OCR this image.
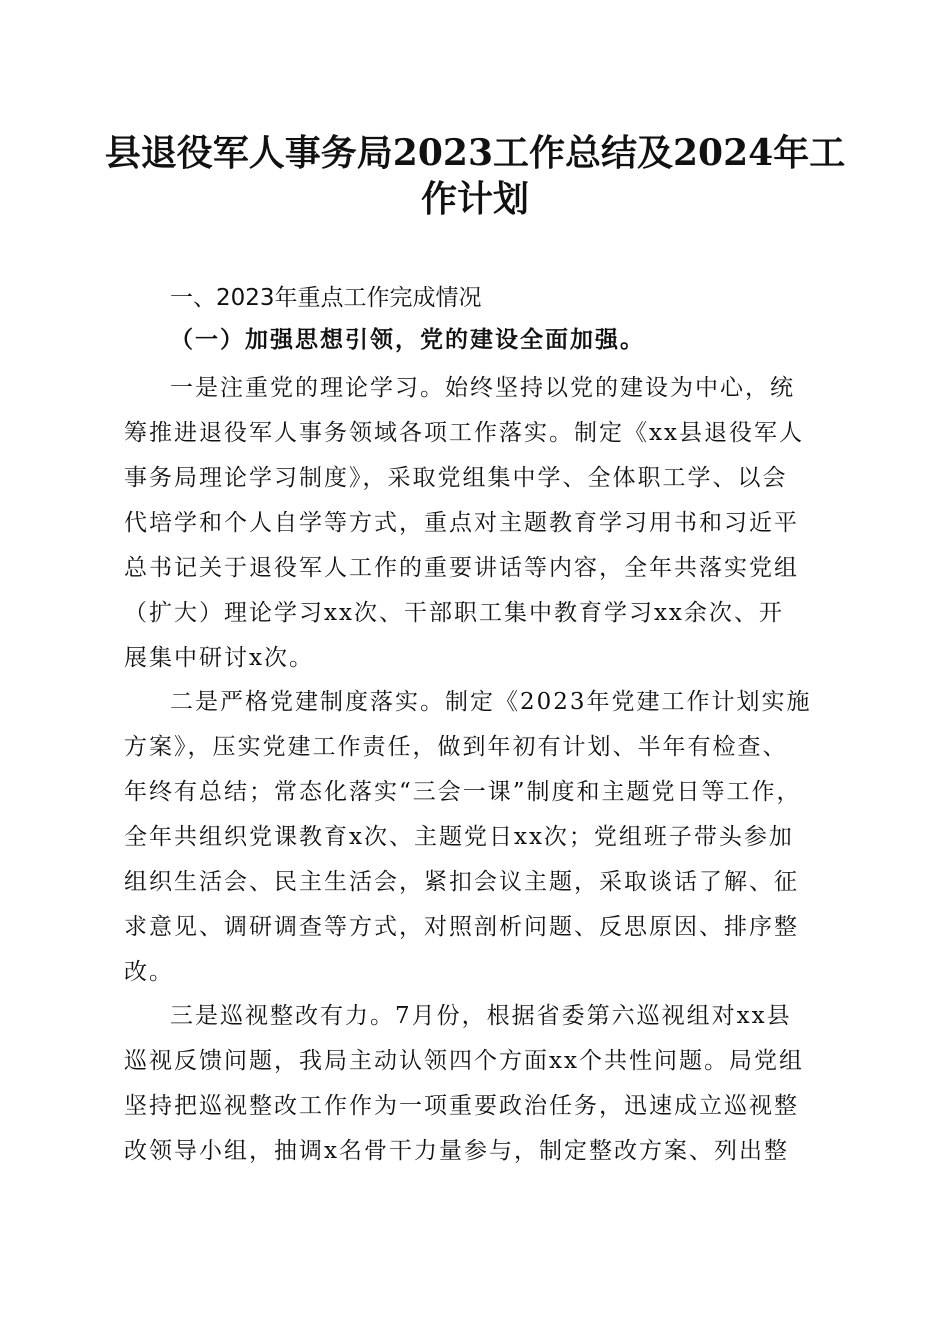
县退役军人事务局2023工作总结及2024年工
作计划
一、2023年重点工作完成情况
（一）加强思想引领，党的建设全面加强。
一是注重党的理论学习。始终坚持以党的建设为中心，统
筹推进退役军人事务领域各项工作落实。制定《xx县退役军人
事务局理论学习制度》，采取党组集中学、全体职工学、以会
代培学和个人自学等方式，重点对主题教育学习用书和习近平
总书记关于退役军人工作的重要讲话等内容，全年共落实党组
（扩大）理论学习xx次、干部职工集中教育学习xx余次、开
展集中研讨x次。
二是严格党建制度落实。制定《2023年党建工作计划实施
方案》，压实党建工作责任，做到年初有计划、半年有检查、
年终有总结；常态化落实“三会一课”制度和主题党日等工作，
全年共组织党课教育x次、主题党日xx次；党组班子带头参加
组织生活会、民主生活会，紧扣会议主题，采取谈话了解、征
求意见、调研调查等方式，对照剖析问题、反思原因、排序整
改。
三是巡视整改有力。7月份，根据省委第六巡视组对xx县
巡视反馈问题，我局主动认领四个方面xx个共性问题。局党组
坚持把巡视整改工作作为一项重要政治任务，迅速成立巡视整
改领导小组，抽调x名骨干力量参与，制定整改方案、列出整
